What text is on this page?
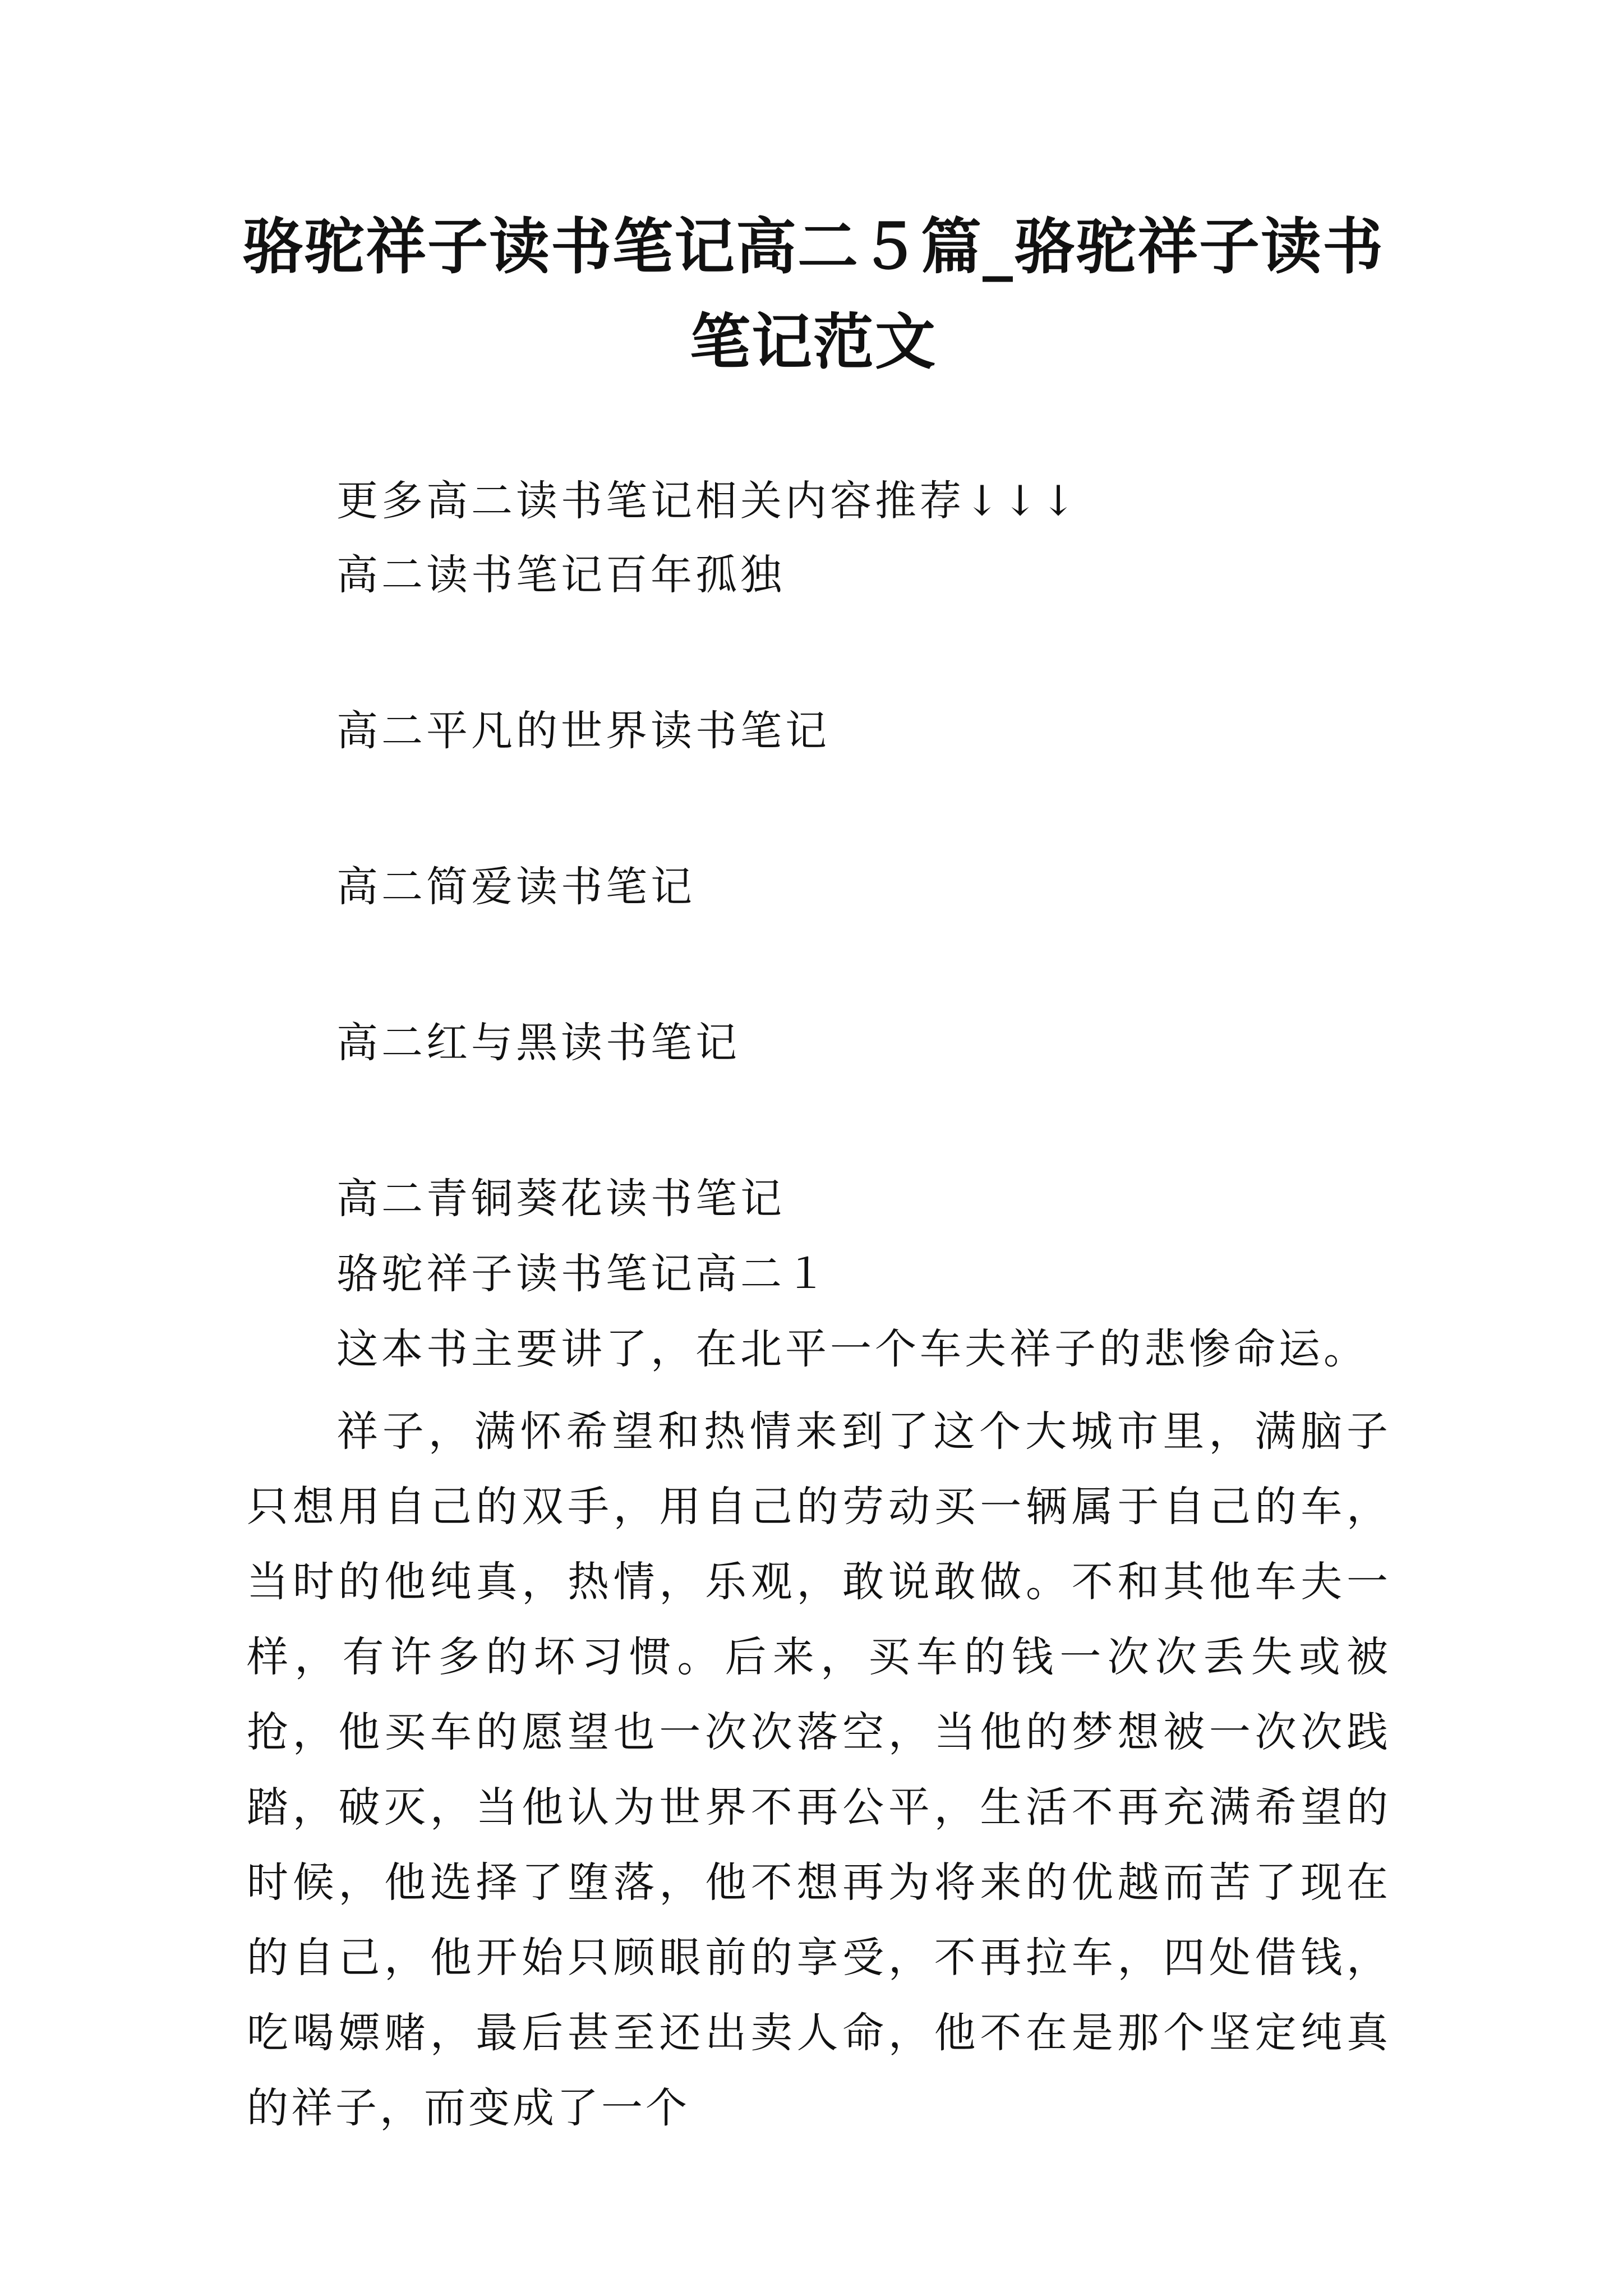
骆驼祥子读书笔记高二５篇_骆驼祥子读书笔记范文
更多高二读书笔记相关内容推荐↓↓↓
高二读书笔记百年孤独
高二平凡的世界读书笔记
高二简爱读书笔记
高二红与黑读书笔记
高二青铜葵花读书笔记
骆驼祥子读书笔记高二１
这本书主要讲了，在北平一个车夫祥子的悲惨命运。
祥子，满怀希望和热情来到了这个大城市里，满脑子只想用自己的双手，用自己的劳动买一辆属于自己的车，当时的他纯真，热情，乐观，敢说敢做。不和其他车夫一样，有许多的坏习惯。后来，买车的钱一次次丢失或被抢，他买车的愿望也一次次落空，当他的梦想被一次次践踏，破灭，当他认为世界不再公平，生活不再充满希望的时候，他选择了堕落，他不想再为将来的优越而苦了现在的自己，他开始只顾眼前的享受，不再拉车，四处借钱，吃喝嫖赌，最后甚至还出卖人命，他不在是那个坚定纯真的祥子，而变成了一个
